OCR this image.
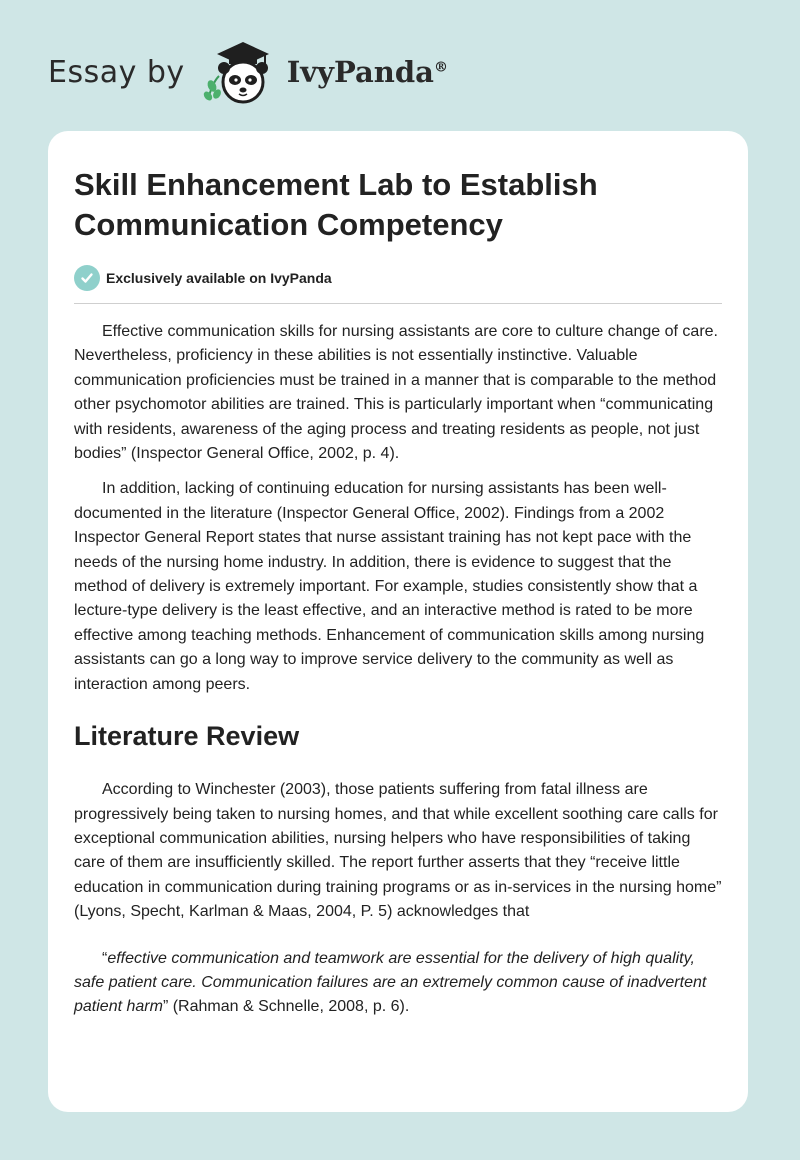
Essay by	IvyPanda®
Skill Enhancement Lab to Establish Communication Competency
Exclusively available on IvyPanda

Effective communication skills for nursing assistants are core to culture change of care. Nevertheless, proficiency in these abilities is not essentially instinctive. Valuable communication proficiencies must be trained in a manner that is comparable to the method other psychomotor abilities are trained. This is particularly important when “communicating with residents, awareness of the aging process and treating residents as people, not just bodies” (Inspector General Office, 2002, p. 4).

In addition, lacking of continuing education for nursing assistants has been well-documented in the literature (Inspector General Office, 2002). Findings from a 2002 Inspector General Report states that nurse assistant training has not kept pace with the needs of the nursing home industry. In addition, there is evidence to suggest that the method of delivery is extremely important. For example, studies consistently show that a lecture-type delivery is the least effective, and an interactive method is rated to be more effective among teaching methods. Enhancement of communication skills among nursing assistants can go a long way to improve service delivery to the community as well as interaction among peers.

Literature Review

According to Winchester (2003), those patients suffering from fatal illness are progressively being taken to nursing homes, and that while excellent soothing care calls for exceptional communication abilities, nursing helpers who have responsibilities of taking care of them are insufficiently skilled. The report further asserts that they “receive little education in communication during training programs or as in-services in the nursing home” (Lyons, Specht, Karlman & Maas, 2004, P. 5) acknowledges that

“effective communication and teamwork are essential for the delivery of high quality, safe patient care. Communication failures are an extremely common cause of inadvertent patient harm” (Rahman & Schnelle, 2008, p. 6).
